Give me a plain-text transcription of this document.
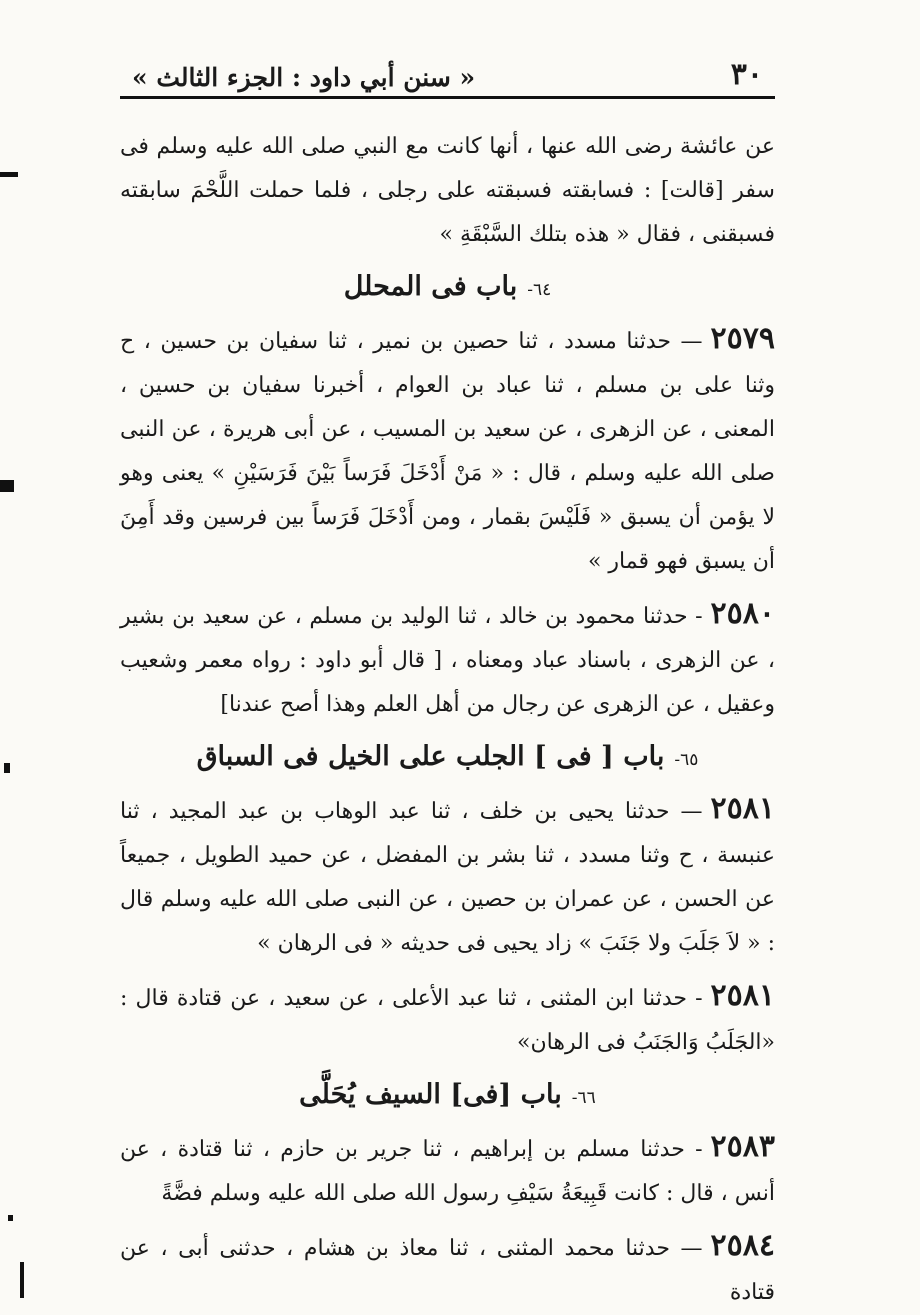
٣٠
« سنن أبي داود : الجزء الثالث »

عن عائشة رضى الله عنها ، أنها كانت مع النبي صلى الله عليه وسلم فى سفر [قالت] : فسابقته فسبقته على رجلى ، فلما حملت اللَّحْمَ سابقته فسبقنى ، فقال « هذه بتلك السَّبْقَةِ »

٦٤-باب فى المحلل

٢٥٧٩— حدثنا مسدد ، ثنا حصين بن نمير ، ثنا سفيان بن حسين ، ح وثنا على بن مسلم ، ثنا عباد بن العوام ، أخبرنا سفيان بن حسين ، المعنى ، عن الزهرى ، عن سعيد بن المسيب ، عن أبى هريرة ، عن النبى صلى الله عليه وسلم ، قال : « مَنْ أَدْخَلَ فَرَساً بَيْنَ فَرَسَيْنِ » يعنى وهو لا يؤمن أن يسبق « فَلَيْسَ بقمار ، ومن أَدْخَلَ فَرَساً بين فرسين وقد أَمِنَ أن يسبق فهو قمار »

٢٥٨٠- حدثنا محمود بن خالد ، ثنا الوليد بن مسلم ، عن سعيد بن بشير ، عن الزهرى ، باسناد عباد ومعناه ، [ قال أبو داود : رواه معمر وشعيب وعقيل ، عن الزهرى عن رجال من أهل العلم وهذا أصح عندنا]

٦٥-باب [ فى ] الجلب على الخيل فى السباق

٢٥٨١— حدثنا يحيى بن خلف ، ثنا عبد الوهاب بن عبد المجيد ، ثنا عنبسة ، ح وثنا مسدد ، ثنا بشر بن المفضل ، عن حميد الطويل ، جميعاً عن الحسن ، عن عمران بن حصين ، عن النبى صلى الله عليه وسلم قال : « لاَ جَلَبَ ولا جَنَبَ » زاد يحيى فى حديثه « فى الرهان »

٢٥٨١- حدثنا ابن المثنى ، ثنا عبد الأعلى ، عن سعيد ، عن قتادة قال : «الجَلَبُ وَالجَنَبُ فى الرهان»

٦٦-باب [فى] السيف يُحَلَّى

٢٥٨٣- حدثنا مسلم بن إبراهيم ، ثنا جرير بن حازم ، ثنا قتادة ، عن أنس ، قال : كانت قَبِيعَةُ سَيْفِ رسول الله صلى الله عليه وسلم فضَّةً

٢٥٨٤— حدثنا محمد المثنى ، ثنا معاذ بن هشام ، حدثنى أبى ، عن قتادة
